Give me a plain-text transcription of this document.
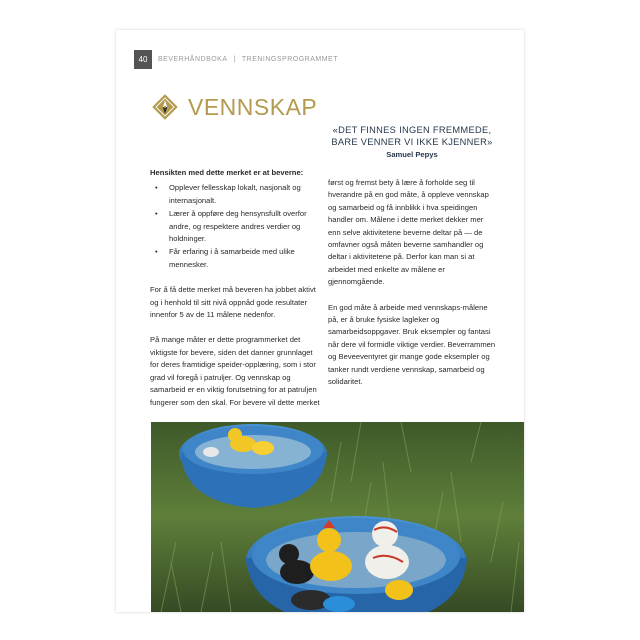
40	BEVERHÅNDBOKA | TRENINGSPROGRAMMET
VENNSKAP

«DET FINNES INGEN FREMMEDE, BARE VENNER VI IKKE KJENNER»

Samuel Pepys

Hensikten med dette merket er at beverne:

• Opplever fellesskap lokalt, nasjonalt og internasjonalt.
• Lærer å oppføre deg hensynsfullt overfor andre, og respektere andres verdier og holdninger.
• Får erfaring i å samarbeide med ulike mennesker.

For å få dette merket må beveren ha jobbet aktivt og i henhold til sitt nivå oppnåd gode resultater innenfor 5 av de 11 målene nedenfor.

På mange måter er dette programmerket det viktigste for bevere, siden det danner grunnlaget for deres framtidige speider-opplæring, som i stor grad vil foregå i patruljer. Og vennskap og samarbeid er en viktig forutsetning for at patruljen fungerer som den skal. For bevere vil dette merket

først og fremst bety å lære å forholde seg til hverandre på en god måte, å oppleve vennskap og samarbeid og få innblikk i hva speidingen handler om. Målene i dette merket dekker mer enn selve aktivitetene beverne deltar på — de omfavner også måten beverne samhandler og deltar i aktivitetene på. Derfor kan man si at arbeidet med enkelte av målene er gjennomgående.

En god måte å arbeide med vennskaps-målene på, er å bruke fysiske lagleker og samarbeidsoppgaver. Bruk eksempler og fantasi når dere vil formidle viktige verdier. Beverrammen og Beveeventyret gir mange gode eksempler og tanker rundt verdiene vennskap, samarbeid og solidaritet.
